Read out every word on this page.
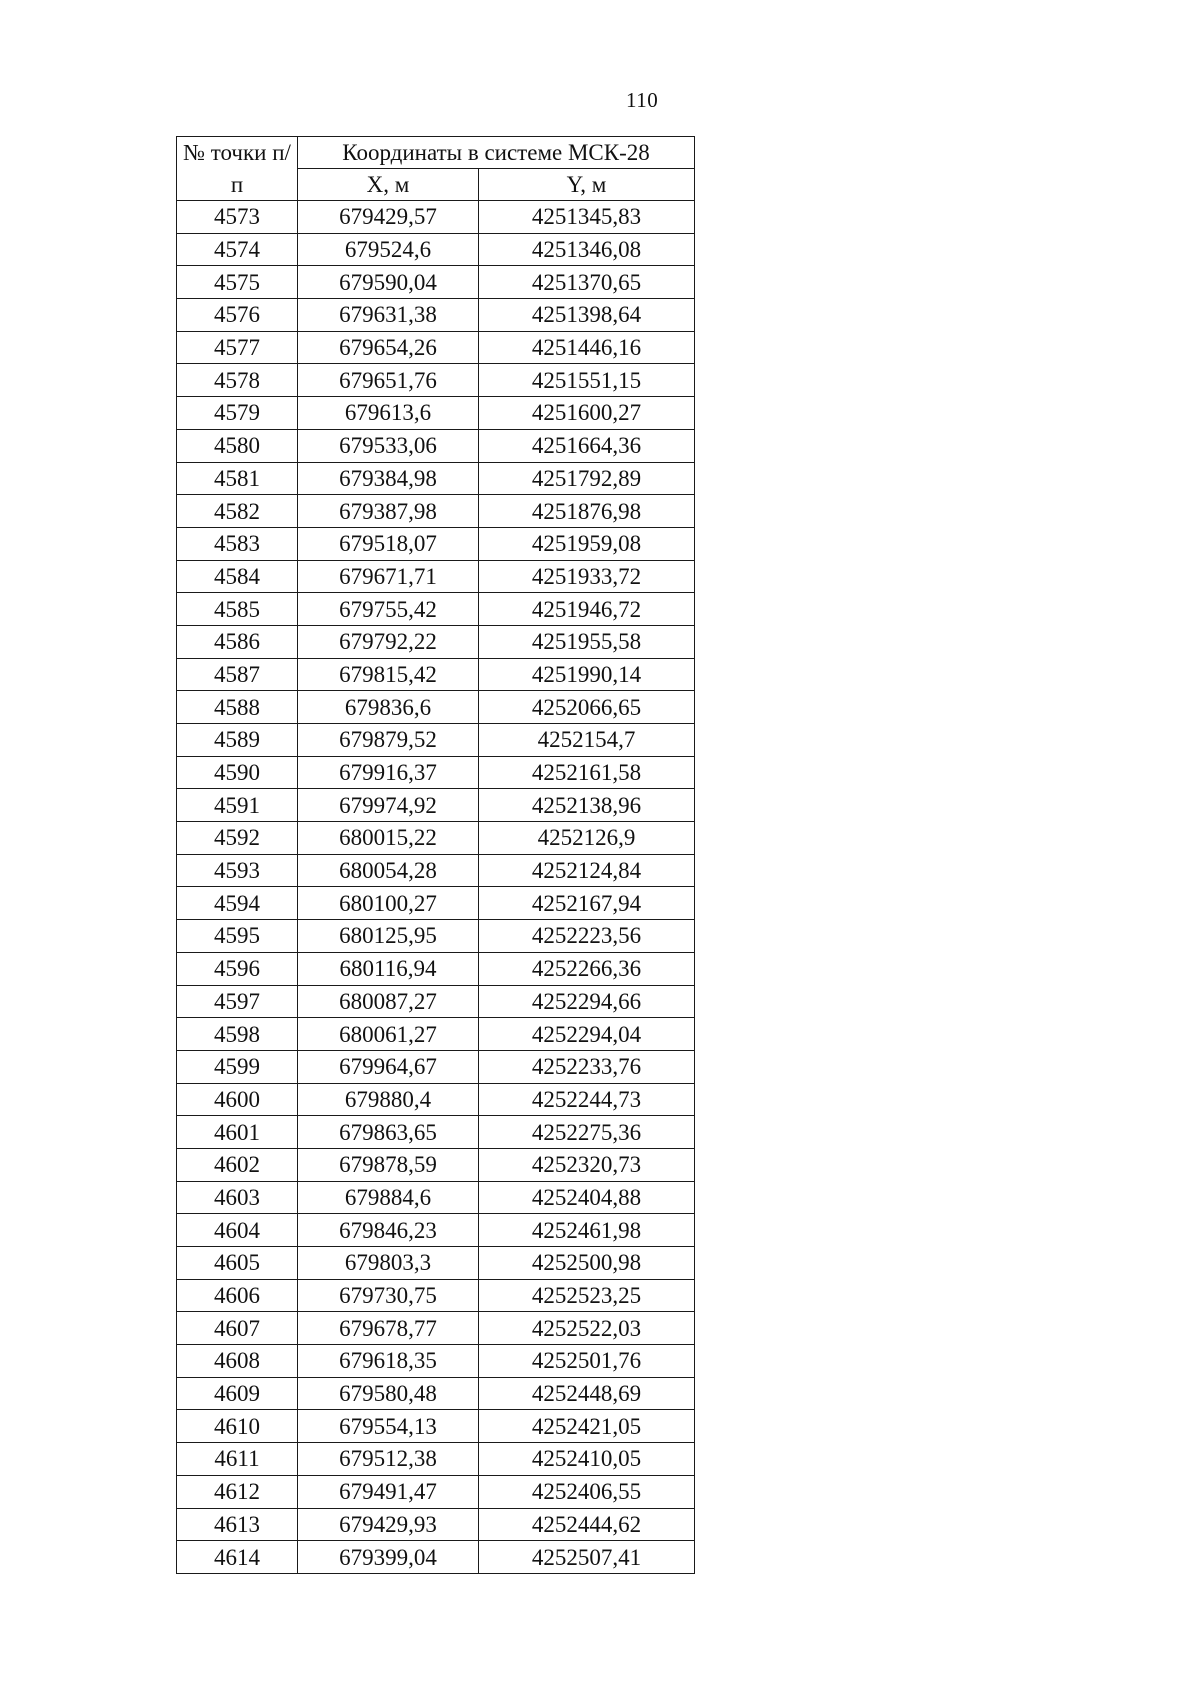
110
№ точки п/п	Координаты в системе МСК-28	
	X, м	Y, м
4573	679429,57	4251345,83
4574	679524,6	4251346,08
4575	679590,04	4251370,65
4576	679631,38	4251398,64
4577	679654,26	4251446,16
4578	679651,76	4251551,15
4579	679613,6	4251600,27
4580	679533,06	4251664,36
4581	679384,98	4251792,89
4582	679387,98	4251876,98
4583	679518,07	4251959,08
4584	679671,71	4251933,72
4585	679755,42	4251946,72
4586	679792,22	4251955,58
4587	679815,42	4251990,14
4588	679836,6	4252066,65
4589	679879,52	4252154,7
4590	679916,37	4252161,58
4591	679974,92	4252138,96
4592	680015,22	4252126,9
4593	680054,28	4252124,84
4594	680100,27	4252167,94
4595	680125,95	4252223,56
4596	680116,94	4252266,36
4597	680087,27	4252294,66
4598	680061,27	4252294,04
4599	679964,67	4252233,76
4600	679880,4	4252244,73
4601	679863,65	4252275,36
4602	679878,59	4252320,73
4603	679884,6	4252404,88
4604	679846,23	4252461,98
4605	679803,3	4252500,98
4606	679730,75	4252523,25
4607	679678,77	4252522,03
4608	679618,35	4252501,76
4609	679580,48	4252448,69
4610	679554,13	4252421,05
4611	679512,38	4252410,05
4612	679491,47	4252406,55
4613	679429,93	4252444,62
4614	679399,04	4252507,41
